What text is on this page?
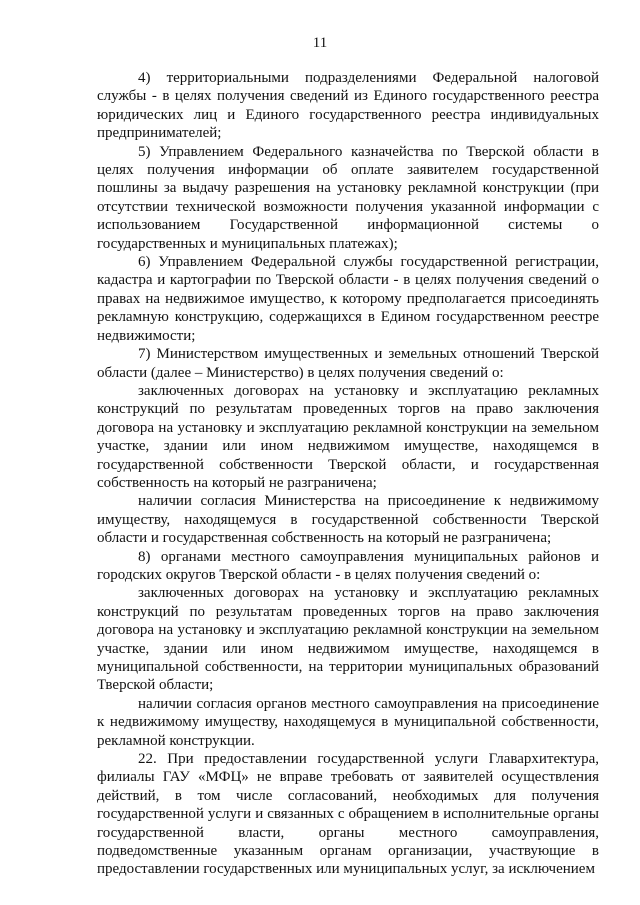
11

4) территориальными подразделениями Федеральной налоговой службы - в целях получения сведений из Единого государственного реестра юридических лиц и Единого государственного реестра индивидуальных предпринимателей;

5) Управлением Федерального казначейства по Тверской области в целях получения информации об оплате заявителем государственной пошлины за выдачу разрешения на установку рекламной конструкции (при отсутствии технической возможности получения указанной информации с использованием Государственной информационной системы о государственных и муниципальных платежах);

6) Управлением Федеральной службы государственной регистрации, кадастра и картографии по Тверской области - в целях получения сведений о правах на недвижимое имущество, к которому предполагается присоединять рекламную конструкцию, содержащихся в Едином государственном реестре недвижимости;

7) Министерством имущественных и земельных отношений Тверской области (далее – Министерство) в целях получения сведений о:

заключенных договорах на установку и эксплуатацию рекламных конструкций по результатам проведенных торгов на право заключения договора на установку и эксплуатацию рекламной конструкции на земельном участке, здании или ином недвижимом имуществе, находящемся в государственной собственности Тверской области, и государственная собственность на который не разграничена;

наличии согласия Министерства на присоединение к недвижимому имуществу, находящемуся в государственной собственности Тверской области и государственная собственность на который не разграничена;

8) органами местного самоуправления муниципальных районов и городских округов Тверской области - в целях получения сведений о:

заключенных договорах на установку и эксплуатацию рекламных конструкций по результатам проведенных торгов на право заключения договора на установку и эксплуатацию рекламной конструкции на земельном участке, здании или ином недвижимом имуществе, находящемся в муниципальной собственности, на территории муниципальных образований Тверской области;

наличии согласия органов местного самоуправления на присоединение к недвижимому имуществу, находящемуся в муниципальной собственности, рекламной конструкции.

22. При предоставлении государственной услуги Главархитектура, филиалы ГАУ «МФЦ» не вправе требовать от заявителей осуществления действий, в том числе согласований, необходимых для получения государственной услуги и связанных с обращением в исполнительные органы государственной власти, органы местного самоуправления, подведомственные указанным органам организации, участвующие в предоставлении государственных или муниципальных услуг, за исключением
